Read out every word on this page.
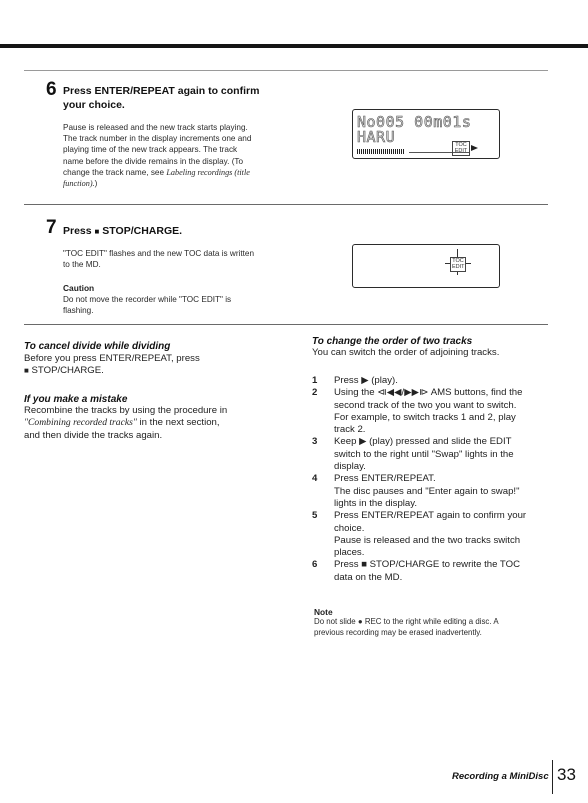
6 Press ENTER/REPEAT again to confirm
your choice.
Pause is released and the new track starts playing.
The track number in the display increments one and
playing time of the new track appears. The track
name before the divide remains in the display. (To
change the track name, see Labeling recordings (title
function).)
No005 00m01s
HARU	TOC
EDIT
7 Press ■ STOP/CHARGE.
"TOC EDIT" flashes and the new TOC data is written
to the MD.
Caution
Do not move the recorder while "TOC EDIT" is
flashing.
TOC
EDIT
To cancel divide while dividing
Before you press ENTER/REPEAT, press
■ STOP/CHARGE.
If you make a mistake
Recombine the tracks by using the procedure in
"Combining recorded tracks" in the next section,
and then divide the tracks again.
To change the order of two tracks
You can switch the order of adjoining tracks.
1 Press ▶ (play).
2 Using the ⧏◀◀/▶▶⧐ AMS buttons, find the
second track of the two you want to switch.
For example, to switch tracks 1 and 2, play
track 2.
3 Keep ▶ (play) pressed and slide the EDIT
switch to the right until "Swap" lights in the
display.
4 Press ENTER/REPEAT.
The disc pauses and "Enter again to swap!"
lights in the display.
5 Press ENTER/REPEAT again to confirm your
choice.
Pause is released and the two tracks switch
places.
6 Press ■ STOP/CHARGE to rewrite the TOC
data on the MD.
Note
Do not slide ● REC to the right while editing a disc. A
previous recording may be erased inadvertently.
Recording a MiniDisc 33
